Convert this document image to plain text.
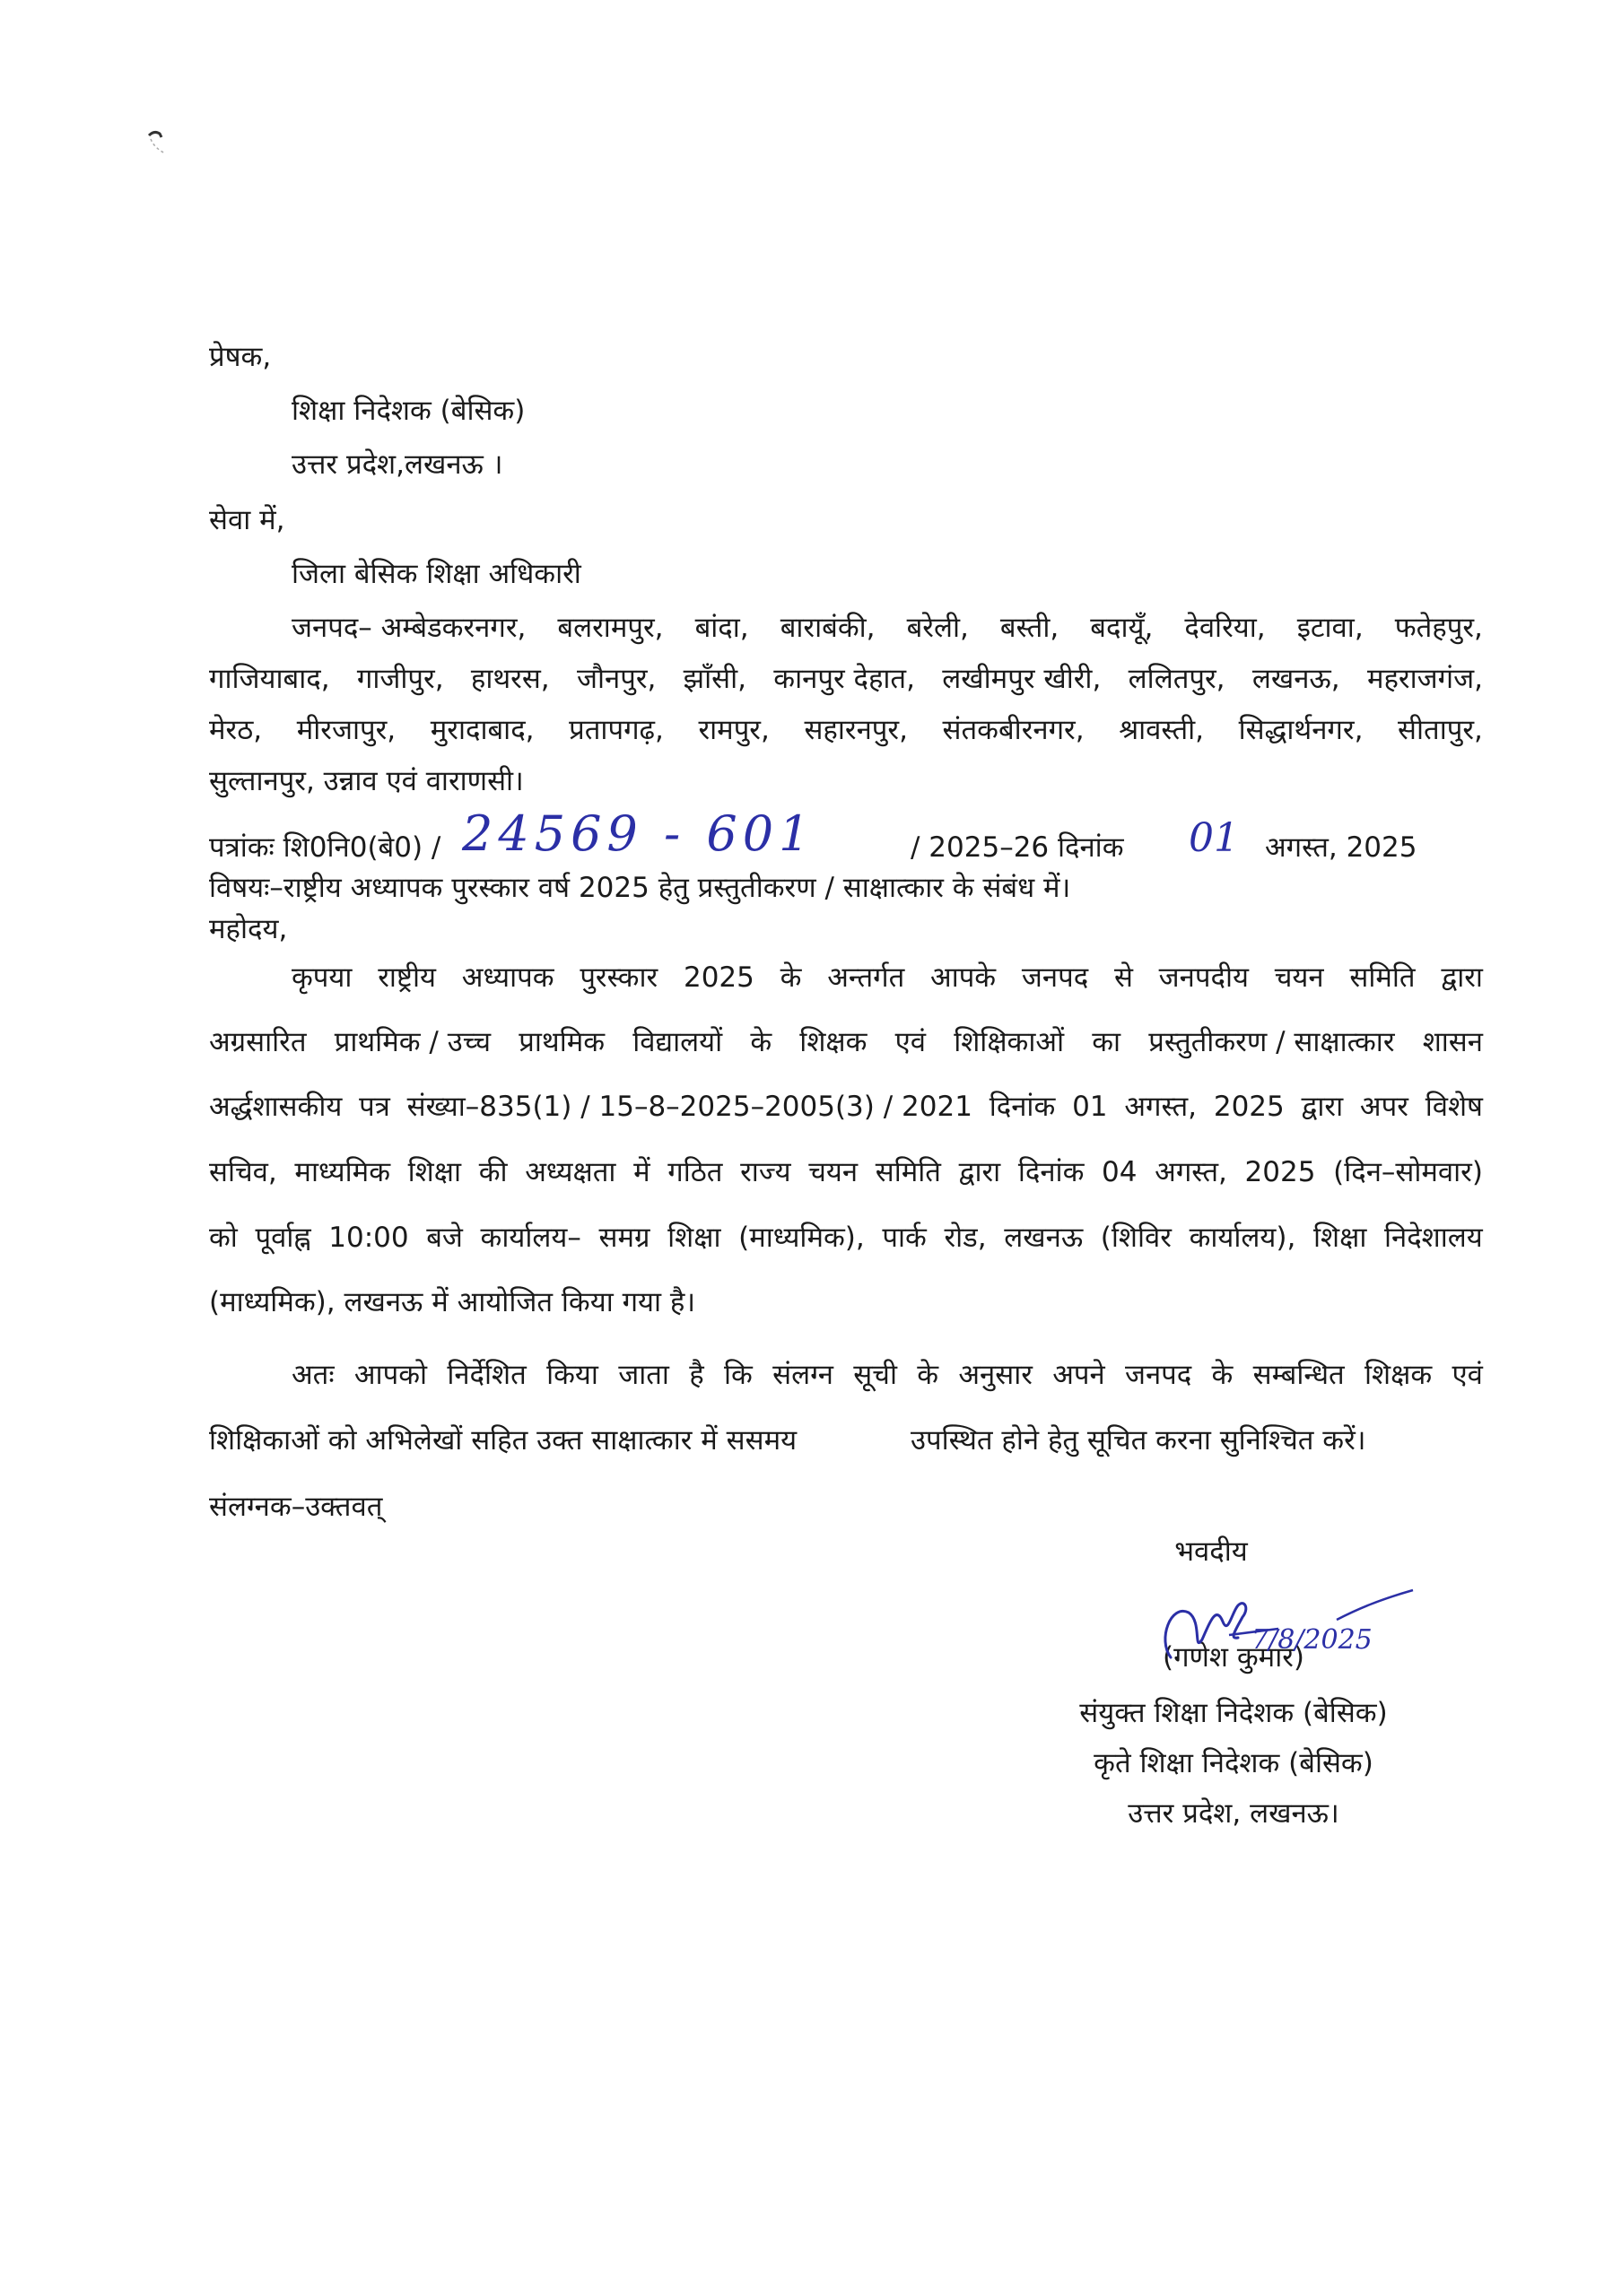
प्रेषक,
शिक्षा निदेशक (बेसिक)
उत्तर प्रदेश,लखनऊ ।
सेवा में,
जिला बेसिक शिक्षा अधिकारी
जनपद– अम्बेडकरनगर, बलरामपुर, बांदा, बाराबंकी, बरेली, बस्ती, बदायूँ, देवरिया, इटावा, फतेहपुर,
गाजियाबाद, गाजीपुर, हाथरस, जौनपुर, झाँसी, कानपुर देहात, लखीमपुर खीरी, ललितपुर, लखनऊ, महराजगंज,
मेरठ, मीरजापुर, मुरादाबाद, प्रतापगढ़, रामपुर, सहारनपुर, संतकबीरनगर, श्रावस्ती, सिद्धार्थनगर, सीतापुर,
सुल्तानपुर, उन्नाव एवं वाराणसी।
पत्रांकः शि0नि0(बे0) / 24569 - 601	/ 2025–26 दिनांक 01 अगस्त, 2025
विषयः–राष्ट्रीय अध्यापक पुरस्कार वर्ष 2025 हेतु प्रस्तुतीकरण / साक्षात्कार के संबंध में।
महोदय,
कृपया राष्ट्रीय अध्यापक पुरस्कार 2025 के अन्तर्गत आपके जनपद से जनपदीय चयन समिति द्वारा
अग्रसारित प्राथमिक / उच्च प्राथमिक विद्यालयों के शिक्षक एवं शिक्षिकाओं का प्रस्तुतीकरण / साक्षात्कार शासन
अर्द्धशासकीय पत्र संख्या–835(1) / 15–8–2025–2005(3) / 2021 दिनांक 01 अगस्त, 2025 द्वारा अपर विशेष
सचिव, माध्यमिक शिक्षा की अध्यक्षता में गठित राज्य चयन समिति द्वारा दिनांक 04 अगस्त, 2025 (दिन–सोमवार)
को पूर्वाह्न 10:00 बजे कार्यालय– समग्र शिक्षा (माध्यमिक), पार्क रोड, लखनऊ (शिविर कार्यालय), शिक्षा निदेशालय
(माध्यमिक), लखनऊ में आयोजित किया गया है।
अतः आपको निर्देशित किया जाता है कि संलग्न सूची के अनुसार अपने जनपद के सम्बन्धित शिक्षक एवं
शिक्षिकाओं को अभिलेखों सहित उक्त साक्षात्कार में ससमय	उपस्थित होने हेतु सूचित करना सुनिश्चित करें।
संलग्नक–उक्तवत्
भवदीय
(गणेश कुमार)
7/8/2025
संयुक्त शिक्षा निदेशक (बेसिक)
कृते शिक्षा निदेशक (बेसिक)
उत्तर प्रदेश, लखनऊ।
